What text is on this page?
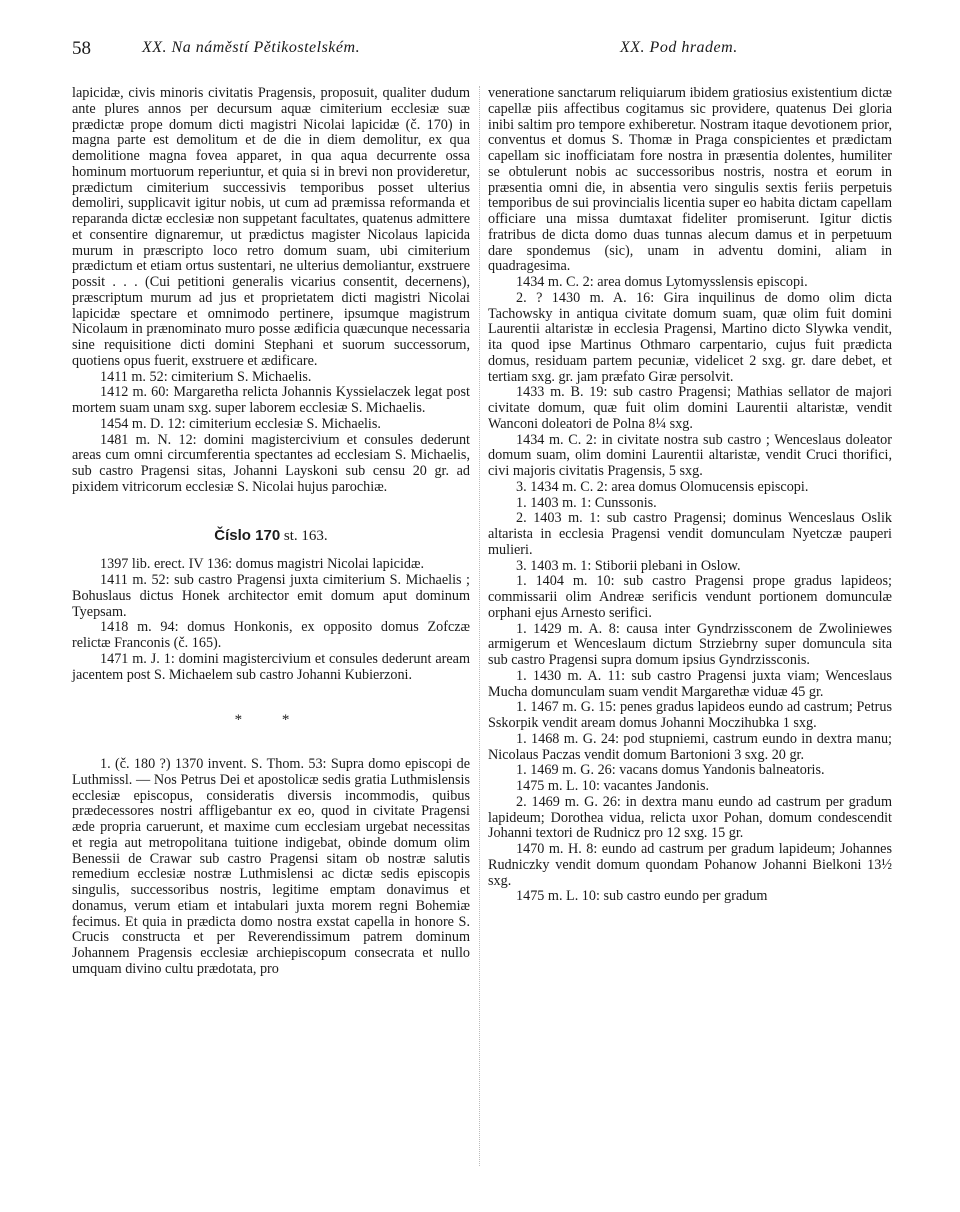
58	XX. Na náměstí Pětikostelském.	XX. Pod hradem.

lapicidæ, civis minoris civitatis Pragensis, proposuit, qualiter dudum ante plures annos per decursum aquæ cimiterium ecclesiæ suæ prædictæ prope domum dicti magistri Nicolai lapicidæ (č. 170) in magna parte est demolitum et de die in diem demolitur, ex qua demolitione magna fovea apparet, in qua aqua decurrente ossa hominum mortuorum reperiuntur, et quia si in brevi non provideretur, prædictum cimiterium successivis temporibus posset ulterius demoliri, supplicavit igitur nobis, ut cum ad præmissa reformanda et reparanda dictæ ecclesiæ non suppetant facultates, quatenus admittere et consentire dignaremur, ut prædictus magister Nicolaus lapicida murum in præscripto loco retro domum suam, ubi cimiterium prædictum et etiam ortus sustentari, ne ulterius demoliantur, exstruere possit . . . (Cui petitioni generalis vicarius consentit, decernens), præscriptum murum ad jus et proprietatem dicti magistri Nicolai lapicidæ spectare et omnimodo pertinere, ipsumque magistrum Nicolaum in prænominato muro posse ædificia quæcunque necessaria sine requisitione dicti domini Stephani et suorum successorum, quotiens opus fuerit, exstruere et ædificare.

1411 m. 52: cimiterium S. Michaelis.

1412 m. 60: Margaretha relicta Johannis Kyssielaczek legat post mortem suam unam sxg. super laborem ecclesiæ S. Michaelis.

1454 m. D. 12: cimiterium ecclesiæ S. Michaelis.

1481 m. N. 12: domini magistercivium et consules dederunt areas cum omni circumferentia spectantes ad ecclesiam S. Michaelis, sub castro Pragensi sitas, Johanni Layskoni sub censu 20 gr. ad pixidem vitricorum ecclesiæ S. Nicolai hujus parochiæ.

Číslo 170 st. 163.

1397 lib. erect. IV 136: domus magistri Nicolai lapicidæ.

1411 m. 52: sub castro Pragensi juxta cimiterium S. Michaelis ; Bohuslaus dictus Honek architector emit domum aput dominum Tyepsam.

1418 m. 94: domus Honkonis, ex opposito domus Zofczæ relictæ Franconis (č. 165).

1471 m. J. 1: domini magistercivium et consules dederunt aream jacentem post S. Michaelem sub castro Johanni Kubierzoni.

* *

1. (č. 180 ?) 1370 invent. S. Thom. 53: Supra domo episcopi de Luthmissl. — Nos Petrus Dei et apostolicæ sedis gratia Luthmislensis ecclesiæ episcopus, consideratis diversis incommodis, quibus prædecessores nostri affligebantur ex eo, quod in civitate Pragensi æde propria caruerunt, et maxime cum ecclesiam urgebat necessitas et regia aut metropolitana tuitione indigebat, obinde domum olim Benessii de Crawar sub castro Pragensi sitam ob nostræ salutis remedium ecclesiæ nostræ Luthmislensi ac dictæ sedis episcopis singulis, successoribus nostris, legitime emptam donavimus et donamus, verum etiam et intabulari juxta morem regni Bohemiæ fecimus. Et quia in prædicta domo nostra exstat capella in honore S. Crucis constructa et per Reverendissimum patrem dominum Johannem Pragensis ecclesiæ archiepiscopum consecrata et nullo umquam divino cultu prædotata, pro

veneratione sanctarum reliquiarum ibidem gratiosius existentium dictæ capellæ piis affectibus cogitamus sic providere, quatenus Dei gloria inibi saltim pro tempore exhiberetur. Nostram itaque devotionem prior, conventus et domus S. Thomæ in Praga conspicientes et prædictam capellam sic inofficiatam fore nostra in præsentia dolentes, humiliter se obtulerunt nobis ac successoribus nostris, nostra et eorum in præsentia omni die, in absentia vero singulis sextis feriis perpetuis temporibus de sui provincialis licentia super eo habita dictam capellam officiare una missa dumtaxat fideliter promiserunt. Igitur dictis fratribus de dicta domo duas tunnas alecum damus et in perpetuum dare spondemus (sic), unam in adventu domini, aliam in quadragesima.

1434 m. C. 2: area domus Lytomysslensis episcopi.

2. ? 1430 m. A. 16: Gira inquilinus de domo olim dicta Tachowsky in antiqua civitate domum suam, quæ olim fuit domini Laurentii altaristæ in ecclesia Pragensi, Martino dicto Slywka vendit, ita quod ipse Martinus Othmaro carpentario, cujus fuit prædicta domus, residuam partem pecuniæ, videlicet 2 sxg. gr. dare debet, et tertiam sxg. gr. jam præfato Giræ persolvit.

1433 m. B. 19: sub castro Pragensi; Mathias sellator de majori civitate domum, quæ fuit olim domini Laurentii altaristæ, vendit Wanconi doleatori de Polna 8¼ sxg.

1434 m. C. 2: in civitate nostra sub castro ; Wenceslaus doleator domum suam, olim domini Laurentii altaristæ, vendit Cruci thorifici, civi majoris civitatis Pragensis, 5 sxg.

3. 1434 m. C. 2: area domus Olomucensis episcopi.

1. 1403 m. 1: Cunssonis.

2. 1403 m. 1: sub castro Pragensi; dominus Wenceslaus Oslik altarista in ecclesia Pragensi vendit domunculam Nyetczæ pauperi mulieri.

3. 1403 m. 1: Stiborii plebani in Oslow.

1. 1404 m. 10: sub castro Pragensi prope gradus lapideos; commissarii olim Andreæ serificis vendunt portionem domunculæ orphani ejus Arnesto serifici.

1. 1429 m. A. 8: causa inter Gyndrzissconem de Zwoliniewes armigerum et Wenceslaum dictum Strziebrny super domuncula sita sub castro Pragensi supra domum ipsius Gyndrzissconis.

1. 1430 m. A. 11: sub castro Pragensi juxta viam; Wenceslaus Mucha domunculam suam vendit Margarethæ viduæ 45 gr.

1. 1467 m. G. 15: penes gradus lapideos eundo ad castrum; Petrus Sskorpik vendit aream domus Johanni Moczihubka 1 sxg.

1. 1468 m. G. 24: pod stupniemi, castrum eundo in dextra manu; Nicolaus Paczas vendit domum Bartonioni 3 sxg. 20 gr.

1. 1469 m. G. 26: vacans domus Yandonis balneatoris.

1475 m. L. 10: vacantes Jandonis.

2. 1469 m. G. 26: in dextra manu eundo ad castrum per gradum lapideum; Dorothea vidua, relicta uxor Pohan, domum condescendit Johanni textori de Rudnicz pro 12 sxg. 15 gr.

1470 m. H. 8: eundo ad castrum per gradum lapideum; Johannes Rudniczky vendit domum quondam Pohanow Johanni Bielkoni 13½ sxg.

1475 m. L. 10: sub castro eundo per gradum
